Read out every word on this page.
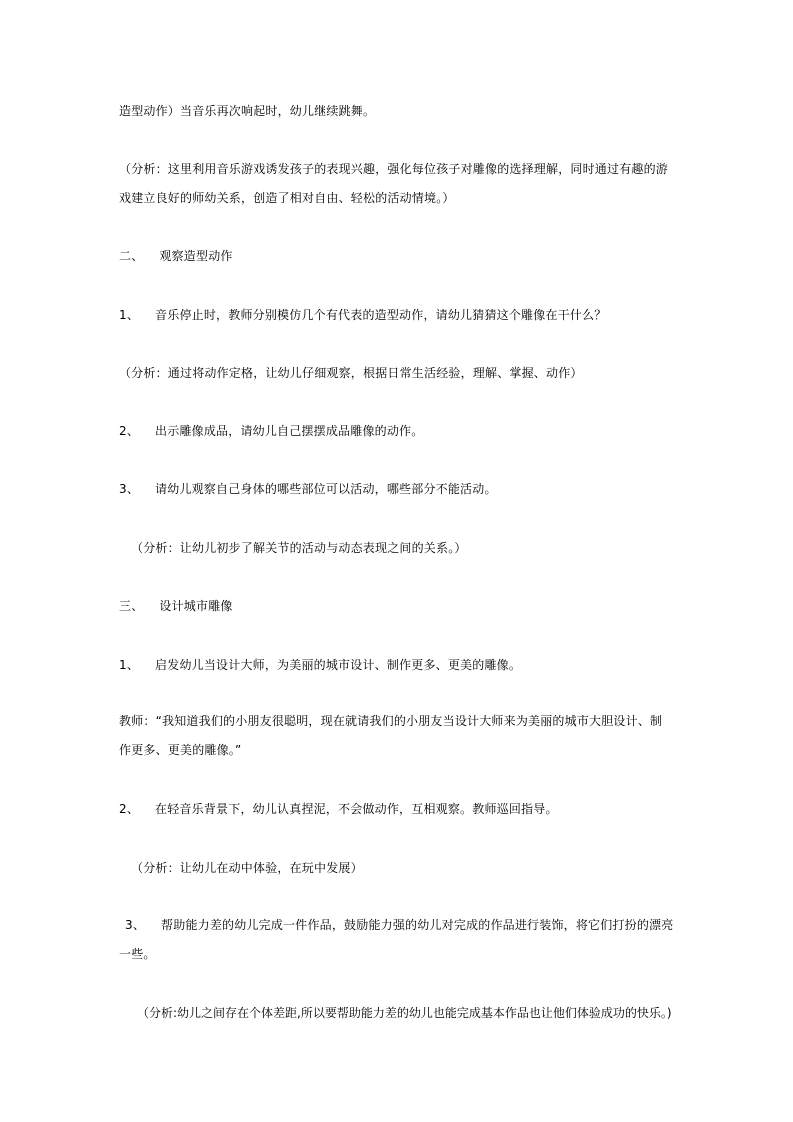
造型动作）当音乐再次响起时，幼儿继续跳舞。
（分析：这里利用音乐游戏诱发孩子的表现兴趣，强化每位孩子对雕像的选择理解，同时通过有趣的游戏建立良好的师幼关系，创造了相对自由、轻松的活动情境。）
二、 观察造型动作
1、 音乐停止时，教师分别模仿几个有代表的造型动作，请幼儿猜猜这个雕像在干什么？
（分析：通过将动作定格，让幼儿仔细观察，根据日常生活经验，理解、掌握、动作）
2、 出示雕像成品，请幼儿自己摆摆成品雕像的动作。
3、 请幼儿观察自己身体的哪些部位可以活动，哪些部分不能活动。
（分析：让幼儿初步了解关节的活动与动态表现之间的关系。）
三、 设计城市雕像
1、 启发幼儿当设计大师，为美丽的城市设计、制作更多、更美的雕像。
教师：“我知道我们的小朋友很聪明，现在就请我们的小朋友当设计大师来为美丽的城市大胆设计、制作更多、更美的雕像。”
2、 在轻音乐背景下，幼儿认真捏泥，不会做动作，互相观察。教师巡回指导。
（分析：让幼儿在动中体验，在玩中发展）
3、 帮助能力差的幼儿完成一件作品，鼓励能力强的幼儿对完成的作品进行装饰，将它们打扮的漂亮一些。
（分析:幼儿之间存在个体差距,所以要帮助能力差的幼儿也能完成基本作品也让他们体验成功的快乐。)
